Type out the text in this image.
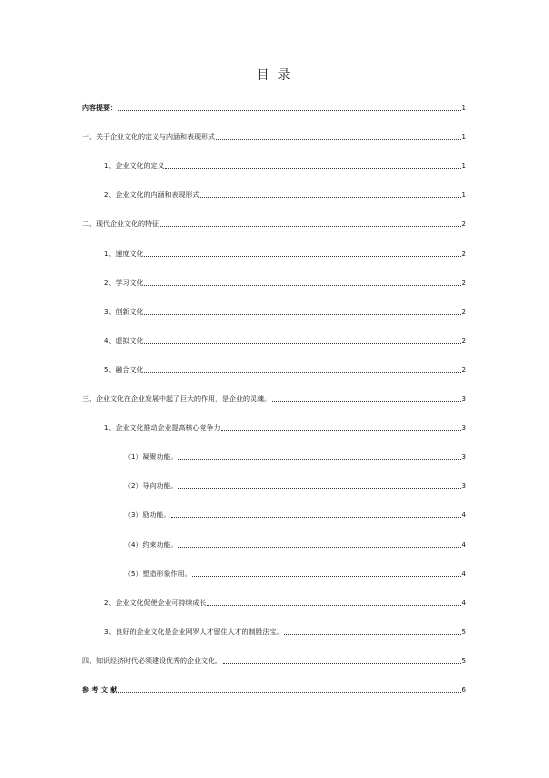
目 录
内容提要：	1
一、关于企业文化的定义与内涵和表现形式	1
1、企业文化的定义	1
2、企业文化的内涵和表现形式	1
二、现代企业文化的特征	2
1、速度文化	2
2、学习文化	2
3、创新文化	2
4、虚拟文化	2
5、融合文化	2
三、企业文化在企业发展中起了巨大的作用，是企业的灵魂。	3
1、企业文化推动企业提高核心竞争力	3
（1）凝聚功能。	3
（2）导向功能。	3
（3）励功能。	4
（4）约束功能。	4
（5）塑造形象作用。	4
2、企业文化促使企业可持续成长	4
3、良好的企业文化是企业网罗人才留住人才的制胜法宝。	5
四、知识经济时代必须建设优秀的企业文化。	5
参 考 文 献	6
